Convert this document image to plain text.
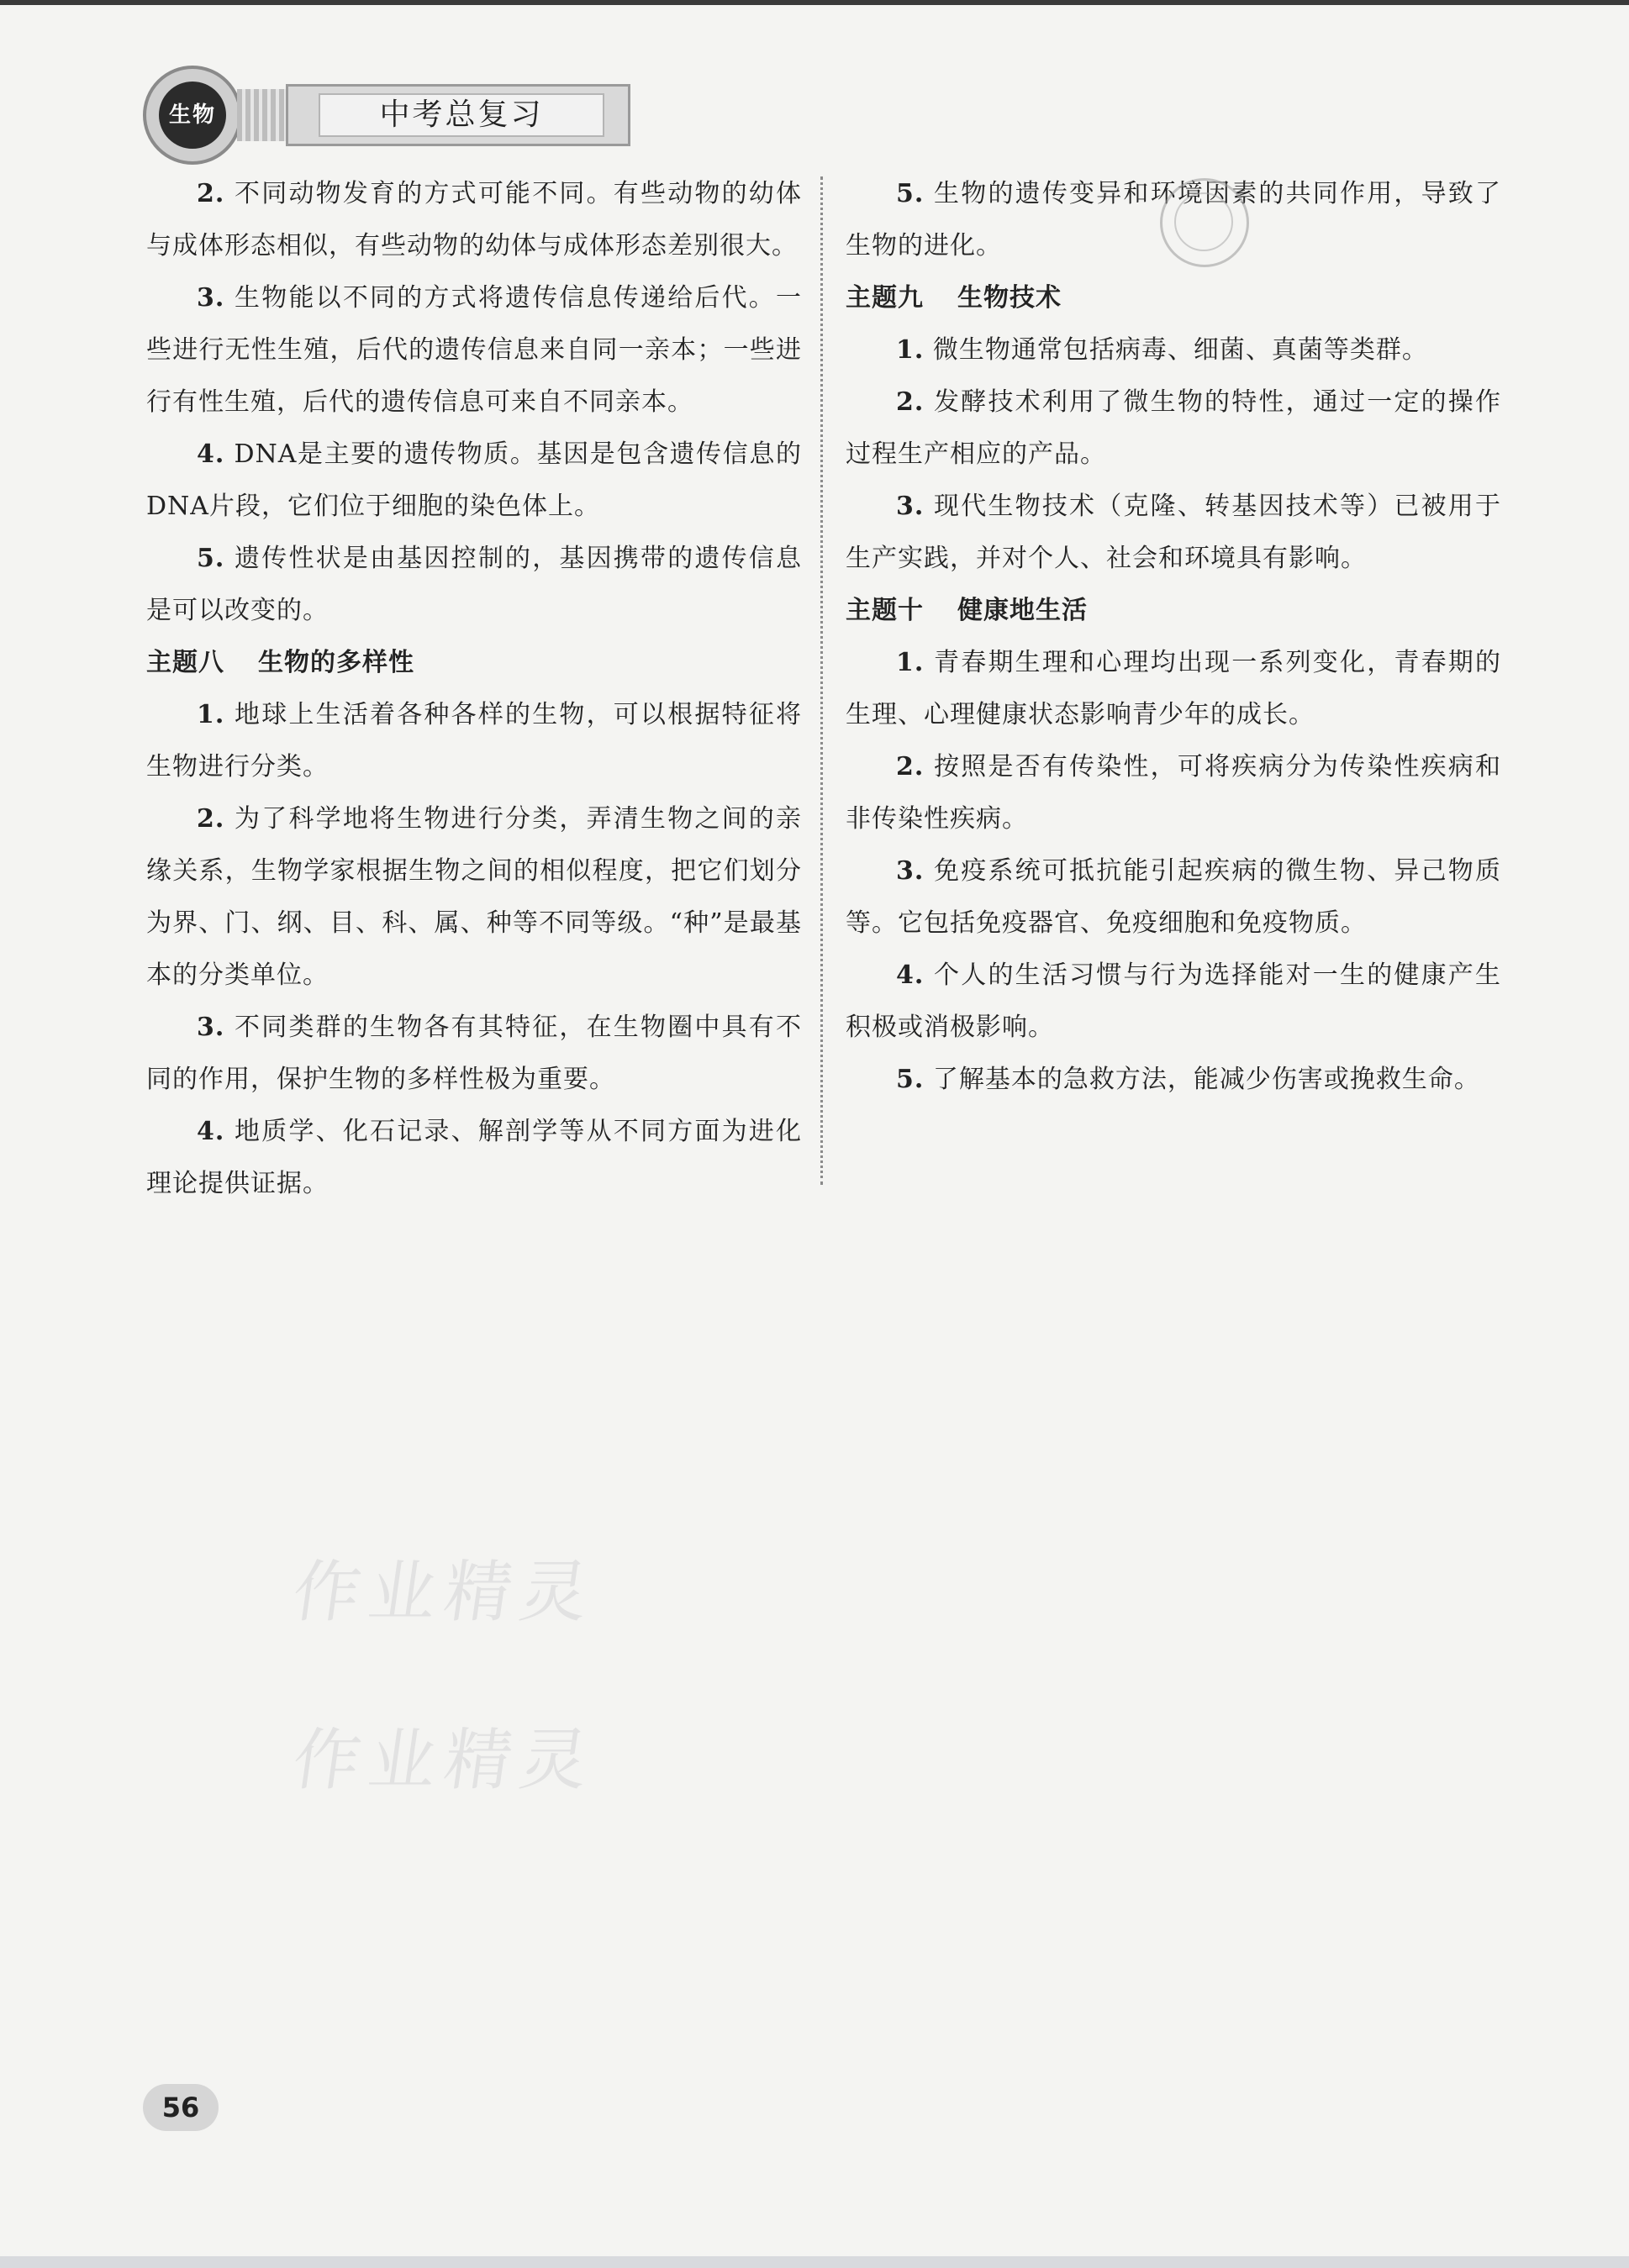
生物	中考总复习

2. 不同动物发育的方式可能不同。有些动物的幼体与成体形态相似，有些动物的幼体与成体形态差别很大。

3. 生物能以不同的方式将遗传信息传递给后代。一些进行无性生殖，后代的遗传信息来自同一亲本；一些进行有性生殖，后代的遗传信息可来自不同亲本。

4. DNA是主要的遗传物质。基因是包含遗传信息的DNA片段，它们位于细胞的染色体上。

5. 遗传性状是由基因控制的，基因携带的遗传信息是可以改变的。

主题八 生物的多样性

1. 地球上生活着各种各样的生物，可以根据特征将生物进行分类。

2. 为了科学地将生物进行分类，弄清生物之间的亲缘关系，生物学家根据生物之间的相似程度，把它们划分为界、门、纲、目、科、属、种等不同等级。“种”是最基本的分类单位。

3. 不同类群的生物各有其特征，在生物圈中具有不同的作用，保护生物的多样性极为重要。

4. 地质学、化石记录、解剖学等从不同方面为进化理论提供证据。

5. 生物的遗传变异和环境因素的共同作用，导致了生物的进化。

主题九 生物技术

1. 微生物通常包括病毒、细菌、真菌等类群。

2. 发酵技术利用了微生物的特性，通过一定的操作过程生产相应的产品。

3. 现代生物技术（克隆、转基因技术等）已被用于生产实践，并对个人、社会和环境具有影响。

主题十 健康地生活

1. 青春期生理和心理均出现一系列变化，青春期的生理、心理健康状态影响青少年的成长。

2. 按照是否有传染性，可将疾病分为传染性疾病和非传染性疾病。

3. 免疫系统可抵抗能引起疾病的微生物、异己物质等。它包括免疫器官、免疫细胞和免疫物质。

4. 个人的生活习惯与行为选择能对一生的健康产生积极或消极影响。

5. 了解基本的急救方法，能减少伤害或挽救生命。

作业精灵
作业精灵
56
